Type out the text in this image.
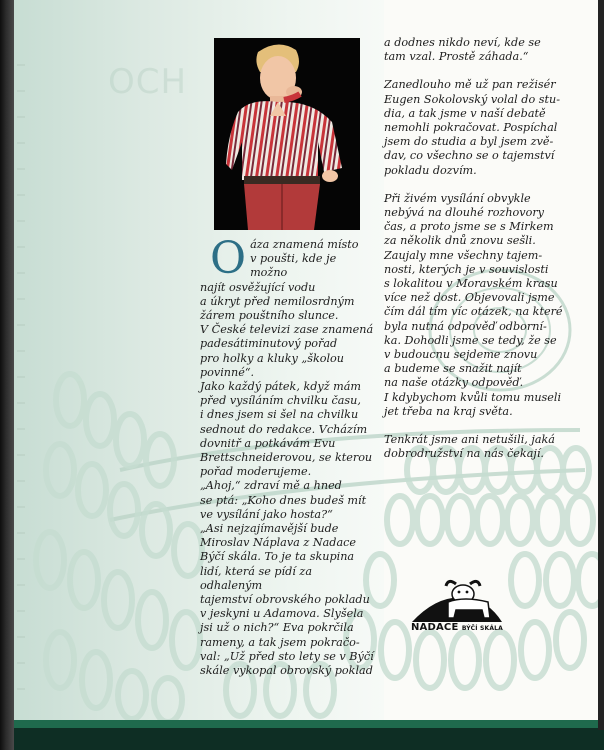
OCH
O áza znamená místo
v poušti, kde je možno
najít osvěžující vodu
a úkryt před nemilosrdným
žárem pouštního slunce.
V České televizi zase znamená
padesátiminutový pořad
pro holky a kluky „školou
povinné“.

Jako každý pátek, když mám
před vysíláním chvilku času,
i dnes jsem si šel na chvilku
sednout do redakce. Vcházím
dovnitř a potkávám Evu
Brettschneiderovou, se kterou
pořad moderujeme.

„Ahoj,“ zdraví mě a hned
se ptá: „Koho dnes budeš mít
ve vysílání jako hosta?“

„Asi nejzajímavější bude
Miroslav Náplava z Nadace
Býčí skála. To je ta skupina
lidí, která se pídí za odhaleným
tajemství obrovského pokladu
v jeskyni u Adamova. Slyšela
jsi už o nich?“ Eva pokrčila
rameny, a tak jsem pokračo-
val: „Už před sto lety se v Býčí
skále vykopal obrovský poklad

a dodnes nikdo neví, kde se
tam vzal. Prostě záhada.“

Zanedlouho mě už pan režisér
Eugen Sokolovský volal do stu-
dia, a tak jsme v naší debatě
nemohli pokračovat. Pospíchal
jsem do studia a byl jsem zvě-
dav, co všechno se o tajemství
pokladu dozvím.

Při živém vysílání obvykle
nebývá na dlouhé rozhovory
čas, a proto jsme se s Mirkem
za několik dnů znovu sešli.
Zaujaly mne všechny tajem-
nosti, kterých je v souvislosti
s lokalitou v Moravském krasu
více než dost. Objevovali jsme
čím dál tím víc otázek, na které
byla nutná odpověď odborní-
ka. Dohodli jsme se tedy, že se
v budoucnu sejdeme znovu
a budeme se snažit najít
na naše otázky odpověď.
I kdybychom kvůli tomu museli
jet třeba na kraj světa.

Tenkrát jsme ani netušili, jaká
dobrodružství na nás čekají.

NADACE BÝČÍ SKÁLA
